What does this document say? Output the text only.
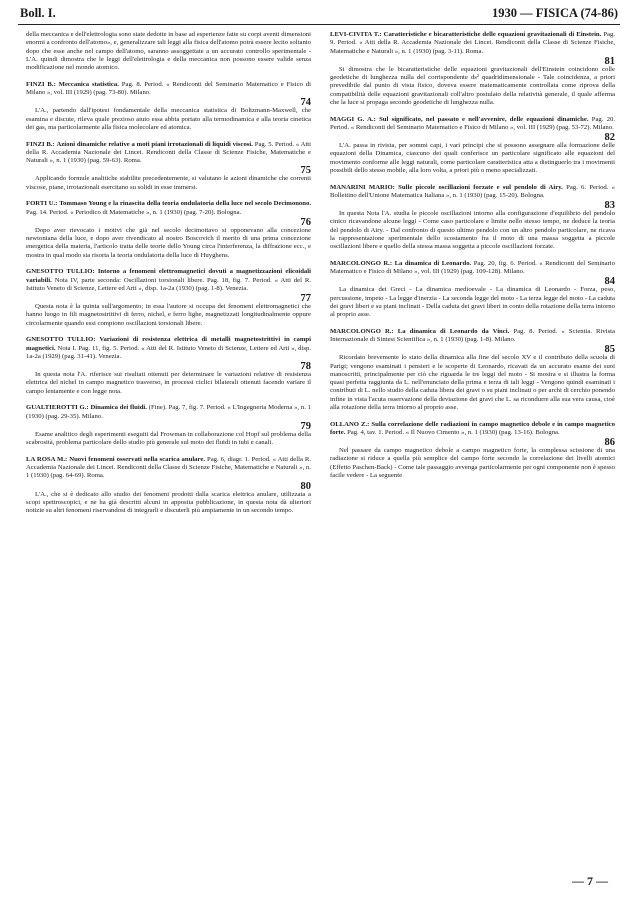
Boll. I.	1930 — FISICA (74-86)

della meccanica e dell'elettrologia sono state dedotte in base ad esperienze fatte su corpi aventi dimensioni enormi a confronto dell'atomo», e, generalizzare tali leggi alla fisica dell'atomo potrà essere lecito soltanto dopo che esse anche nel campo dell'atomo, saranno assoggettate a un accurato controllo sperimentale - L'A. quindi dimostra che le leggi dell'elettrologia e della meccanica non possono essere valide senza modificazione nel mondo atomico.

FINZI B.: Meccanica statistica. Pag. 8. Period. « Rendiconti del Seminario Matematico e Fisico di Milano », vol. III (1929) (pag. 73-80). Milano.

74

L'A., partendo dall'ipotesi fondamentale della meccanica statistica di Boltzmann-Maxwell, che esamina e discute, rileva quale prezioso aiuto essa abbia portato alla termodinamica e alla teoria cinetica dei gas, ma particolarmente alla fisica molecolare ed atomica.

FINZI B.: Azioni dinamiche relative a moti piani irrotazionali di liquidi viscosi. Pag. 5. Period. « Atti della R. Accademia Nazionale dei Lincei. Rendiconti della Classe di Scienze Fisiche, Matematiche e Naturali », n. 1 (1930) (pag. 59-63). Roma.

75

Applicando formule analitiche stabilite precedentemente, si valutano le azioni dinamiche che correnti viscose, piane, irrotazionali esercitano su solidi in esse immersi.

FORTI U.: Tommaso Young e la rinascita della teoria ondulatoria della luce nel secolo Decimonono. Pag. 14. Period. « Periodico di Matematiche », n. 1 (1930) (pag. 7-20). Bologna.

76

Dopo aver rievocato i motivi che già nel secolo decimottavo si opponevano alla concezione newtoniana della luce, e dopo aver rivendicato al nostro Boscovich il merito di una prima concezione energetica della materia, l'articolo tratta delle teorie dello Young circa l'interferenza, la diffrazione ecc., e mostra in qual modo sia risorta la teoria ondulatoria della luce di Huyghens.

GNESOTTO TULLIO: Intorno a fenomeni elettromagnetici dovuti a magnetizzazioni elicoidali variabili. Nota IV, parte seconda: Oscillazioni torsionali libere. Pag. 18, fig. 7. Period. « Atti del R. Istituto Veneto di Scienze, Lettere ed Arti », disp. 1a-2a (1930) (pag. 1-8). Venezia.

77

Questa nota è la quinta sull'argomento; in essa l'autore si occupa dei fenomeni elettromagnetici che hanno luogo in fili magnetostrittivi di ferro, nichel, e ferro lighe, magnetizzati longitudinalmente oppure circolarmente quando essi compiono oscillazioni torsionali libere.

GNESOTTO TULLIO: Variazioni di resistenza elettrica di metalli magnetostrittivi in campi magnetici. Nota I. Pag. 11, fig. 5. Period. « Atti del R. Istituto Veneto di Scienze, Lettere ed Arti », disp. 1a-2a (1929) (pag. 31-41). Venezia.

78

In questa nota l'A. riferisce sui risultati ottenuti per determinare le variazioni relative di resistenza elettrica del nichel in campo magnetico trasverso, in processi ciclici bilaterali ottenuti facendo variare il campo lentamente e con legge nota.

GUALTIEROTTI G.: Dinamica dei fluidi. (Fine). Pag. 7, fig. 7. Period. « L'Ingegneria Moderna », n. 1 (1930) (pag. 29-35). Milano.

79

Esame analitico degli esperimenti eseguiti dal Frowman in collaborazione col Hopf sul problema della scabrosità, problema particolare dello studio più generale sul moto dei fluidi in tubi e canali.

LA ROSA M.: Nuovi fenomeni osservati nella scarica anulare. Pag. 6, diagr. 1. Period. « Atti della R. Accademia Nazionale dei Lincei. Rendiconti della Classe di Scienze Fisiche, Matematiche e Naturali », n. 1 (1930) (pag. 64-69). Roma.

80

L'A., che si è dedicato allo studio dei fenomeni prodotti dalla scarica elettrica anulare, utilizzata a scopi spettroscopici, e ne ha già descritti alcuni in apposita pubblicazione, in questa nota dà ulteriori notizie su altri fenomeni riservandosi di integrarli e discuterli più ampiamente in un secondo tempo.

LEVI-CIVITA T.: Caratteristiche e bicaratteristiche delle equazioni gravitazionali di Einstein. Pag. 9. Period. « Atti della R. Accademia Nazionale dei Lincei. Rendiconti della Classe di Scienze Fisiche, Matematiche e Naturali », n. 1 (1930) (pag. 3-11). Roma.

81

Si dimostra che le bicaratteristiche delle equazioni gravitazionali dell'Einstein coincidono colle geodetiche di lunghezza nulla del corrispondente ds² quadridimensionale - Tale coincidenza, a priori prevedibile dal punto di vista fisico, doveva essere matematicamente controllata come riprova della compatibilità delle equazioni gravitazionali coll'altro postulato della relatività generale, il quale afferma che la luce si propaga secondo geodetiche di lunghezza nulla.

MAGGI G. A.: Sul significato, nel passato e nell'avvenire, delle equazioni dinamiche. Pag. 20. Period. « Rendiconti del Seminario Matematico e Fisico di Milano », vol. III (1929) (pag. 53-72). Milano.

82

L'A. passa in rivista, per sommi capi, i vari principi che si possono assegnare alla formazione delle equazioni della Dinamica, ciascuno dei quali conferisce un particolare significato alle equazioni del movimento conforme alle leggi naturali, come particolare caratteristica atta a distinguerlo tra i movimenti possibili dello stesso mobile, alla loro volta, a priori più o meno specializzati.

MANARINI MARIO: Sulle piccole oscillazioni forzate e sul pendolo di Airy. Pag. 6. Period. « Bollettino dell'Unione Matematica Italiana », n. 1 (1930) (pag. 15-20). Bologna.

83

In questa Nota l'A. studia le piccole oscillazioni intorno alla configurazione d'equilibrio del pendolo cinico ricavandone alcune leggi - Come caso particolare e limite nello stesso tempo, ne deduce la teoria del pendolo di Airy. - Dal confronto di questo ultimo pendolo con un altro pendolo particolare, ne ricava la rappresentazione sperimentale dello scostamento fra il moto di una massa soggetta a piccole oscillazioni libere e quello della stessa massa soggetta a piccole oscillazioni forzate.

MARCOLONGO R.: La dinamica di Leonardo. Pag. 20, fig. 6. Period. « Rendiconti del Seminario Matematico e Fisico di Milano », vol. III (1929) (pag. 109-128). Milano.

84

La dinamica dei Greci - La dinamica medioevale - La dinamica di Leonardo - Forza, peso, percussione, impeto - La legge d'inerzia - La seconda legge del moto - La terza legge del moto - La caduta dei gravi liberi e su piani inclinati - Della caduta dei gravi liberi in conto della rotazione della terra intorno al proprio asse.

MARCOLONGO R.: La dinamica di Leonardo da Vinci. Pag. 8. Period. « Scientia. Rivista Internazionale di Sintesi Scientifica », n. 1 (1930) (pag. 1-8). Milano.

85

Ricordato brevemente lo stato della dinamica alla fine del secolo XV e il contributo della scuola di Parigi; vengono esaminati i pensieri e le scoperte di Leonardo, ricavati da un accurato esame dei suoi manoscritti, principalmente per ciò che riguarda le tre leggi del moto - Si mostra e si illustra la forma quasi perfetta raggiunta da L. nell'enunciato della prima e terza di tali leggi - Vengono quindi esaminati i contributi di L. nello studio della caduta libera dei gravi o su piani inclinati o per archi di cerchio ponendo infine in vista l'acuta osservazione della deviazione dei gravi che L. sa ricondurre alla sua vera causa, cioè alla rotazione della terra intorno al proprio asse.

OLLANO Z.: Sulla correlazione delle radiazioni in campo magnetico debole e in campo magnetico forte. Pag. 4, tav. 1. Period. « Il Nuovo Cimento », n. 1 (1930) (pag. 13-16). Bologna.

86

Nel passare da campo magnetico debole a campo magnetico forte, la complessa scissione di una radiazione si riduce a quella più semplice del campo forte secondo la correlazione dei livelli atomici (Effetto Paschen-Back) - Come tale passaggio avvenga particolarmente per ogni componente non è spesso facile vedere - La seguente

— 7 —
